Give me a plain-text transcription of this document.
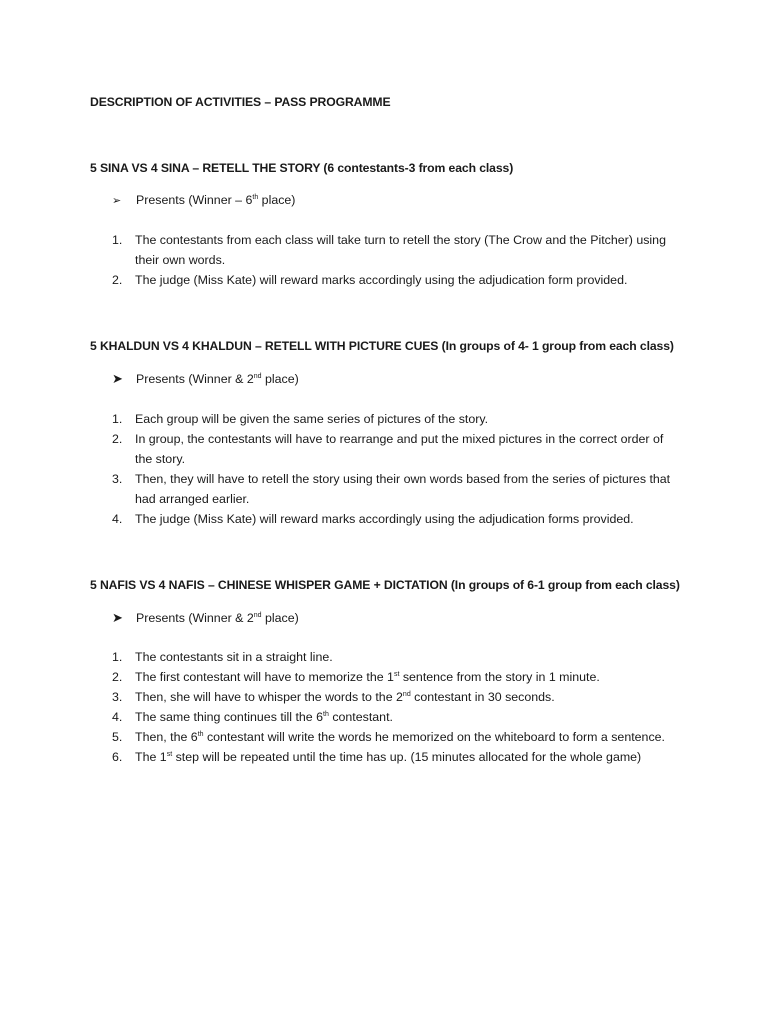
DESCRIPTION OF ACTIVITIES – PASS PROGRAMME
5 SINA VS 4 SINA – RETELL THE STORY (6 contestants-3 from each class)
➢ Presents (Winner – 6th place)
1.	The contestants from each class will take turn to retell the story (The Crow and the Pitcher) using their own words.
2.	The judge (Miss Kate) will reward marks accordingly using the adjudication form provided.
5 KHALDUN VS 4 KHALDUN – RETELL WITH PICTURE CUES (In groups of 4- 1 group from each class)
➤ Presents (Winner & 2nd place)
1.	Each group will be given the same series of pictures of the story.
2.	In group, the contestants will have to rearrange and put the mixed pictures in the correct order of the story.
3.	Then, they will have to retell the story using their own words based from the series of pictures that had arranged earlier.
4.	The judge (Miss Kate) will reward marks accordingly using the adjudication forms provided.
5 NAFIS VS 4 NAFIS – CHINESE WHISPER GAME + DICTATION (In groups of 6-1 group from each class)
➤ Presents (Winner & 2nd place)
1.	The contestants sit in a straight line.
2.	The first contestant will have to memorize the 1st sentence from the story in 1 minute.
3.	Then, she will have to whisper the words to the 2nd contestant in 30 seconds.
4.	The same thing continues till the 6th contestant.
5.	Then, the 6th contestant will write the words he memorized on the whiteboard to form a sentence.
6.	The 1st step will be repeated until the time has up. (15 minutes allocated for the whole game)
